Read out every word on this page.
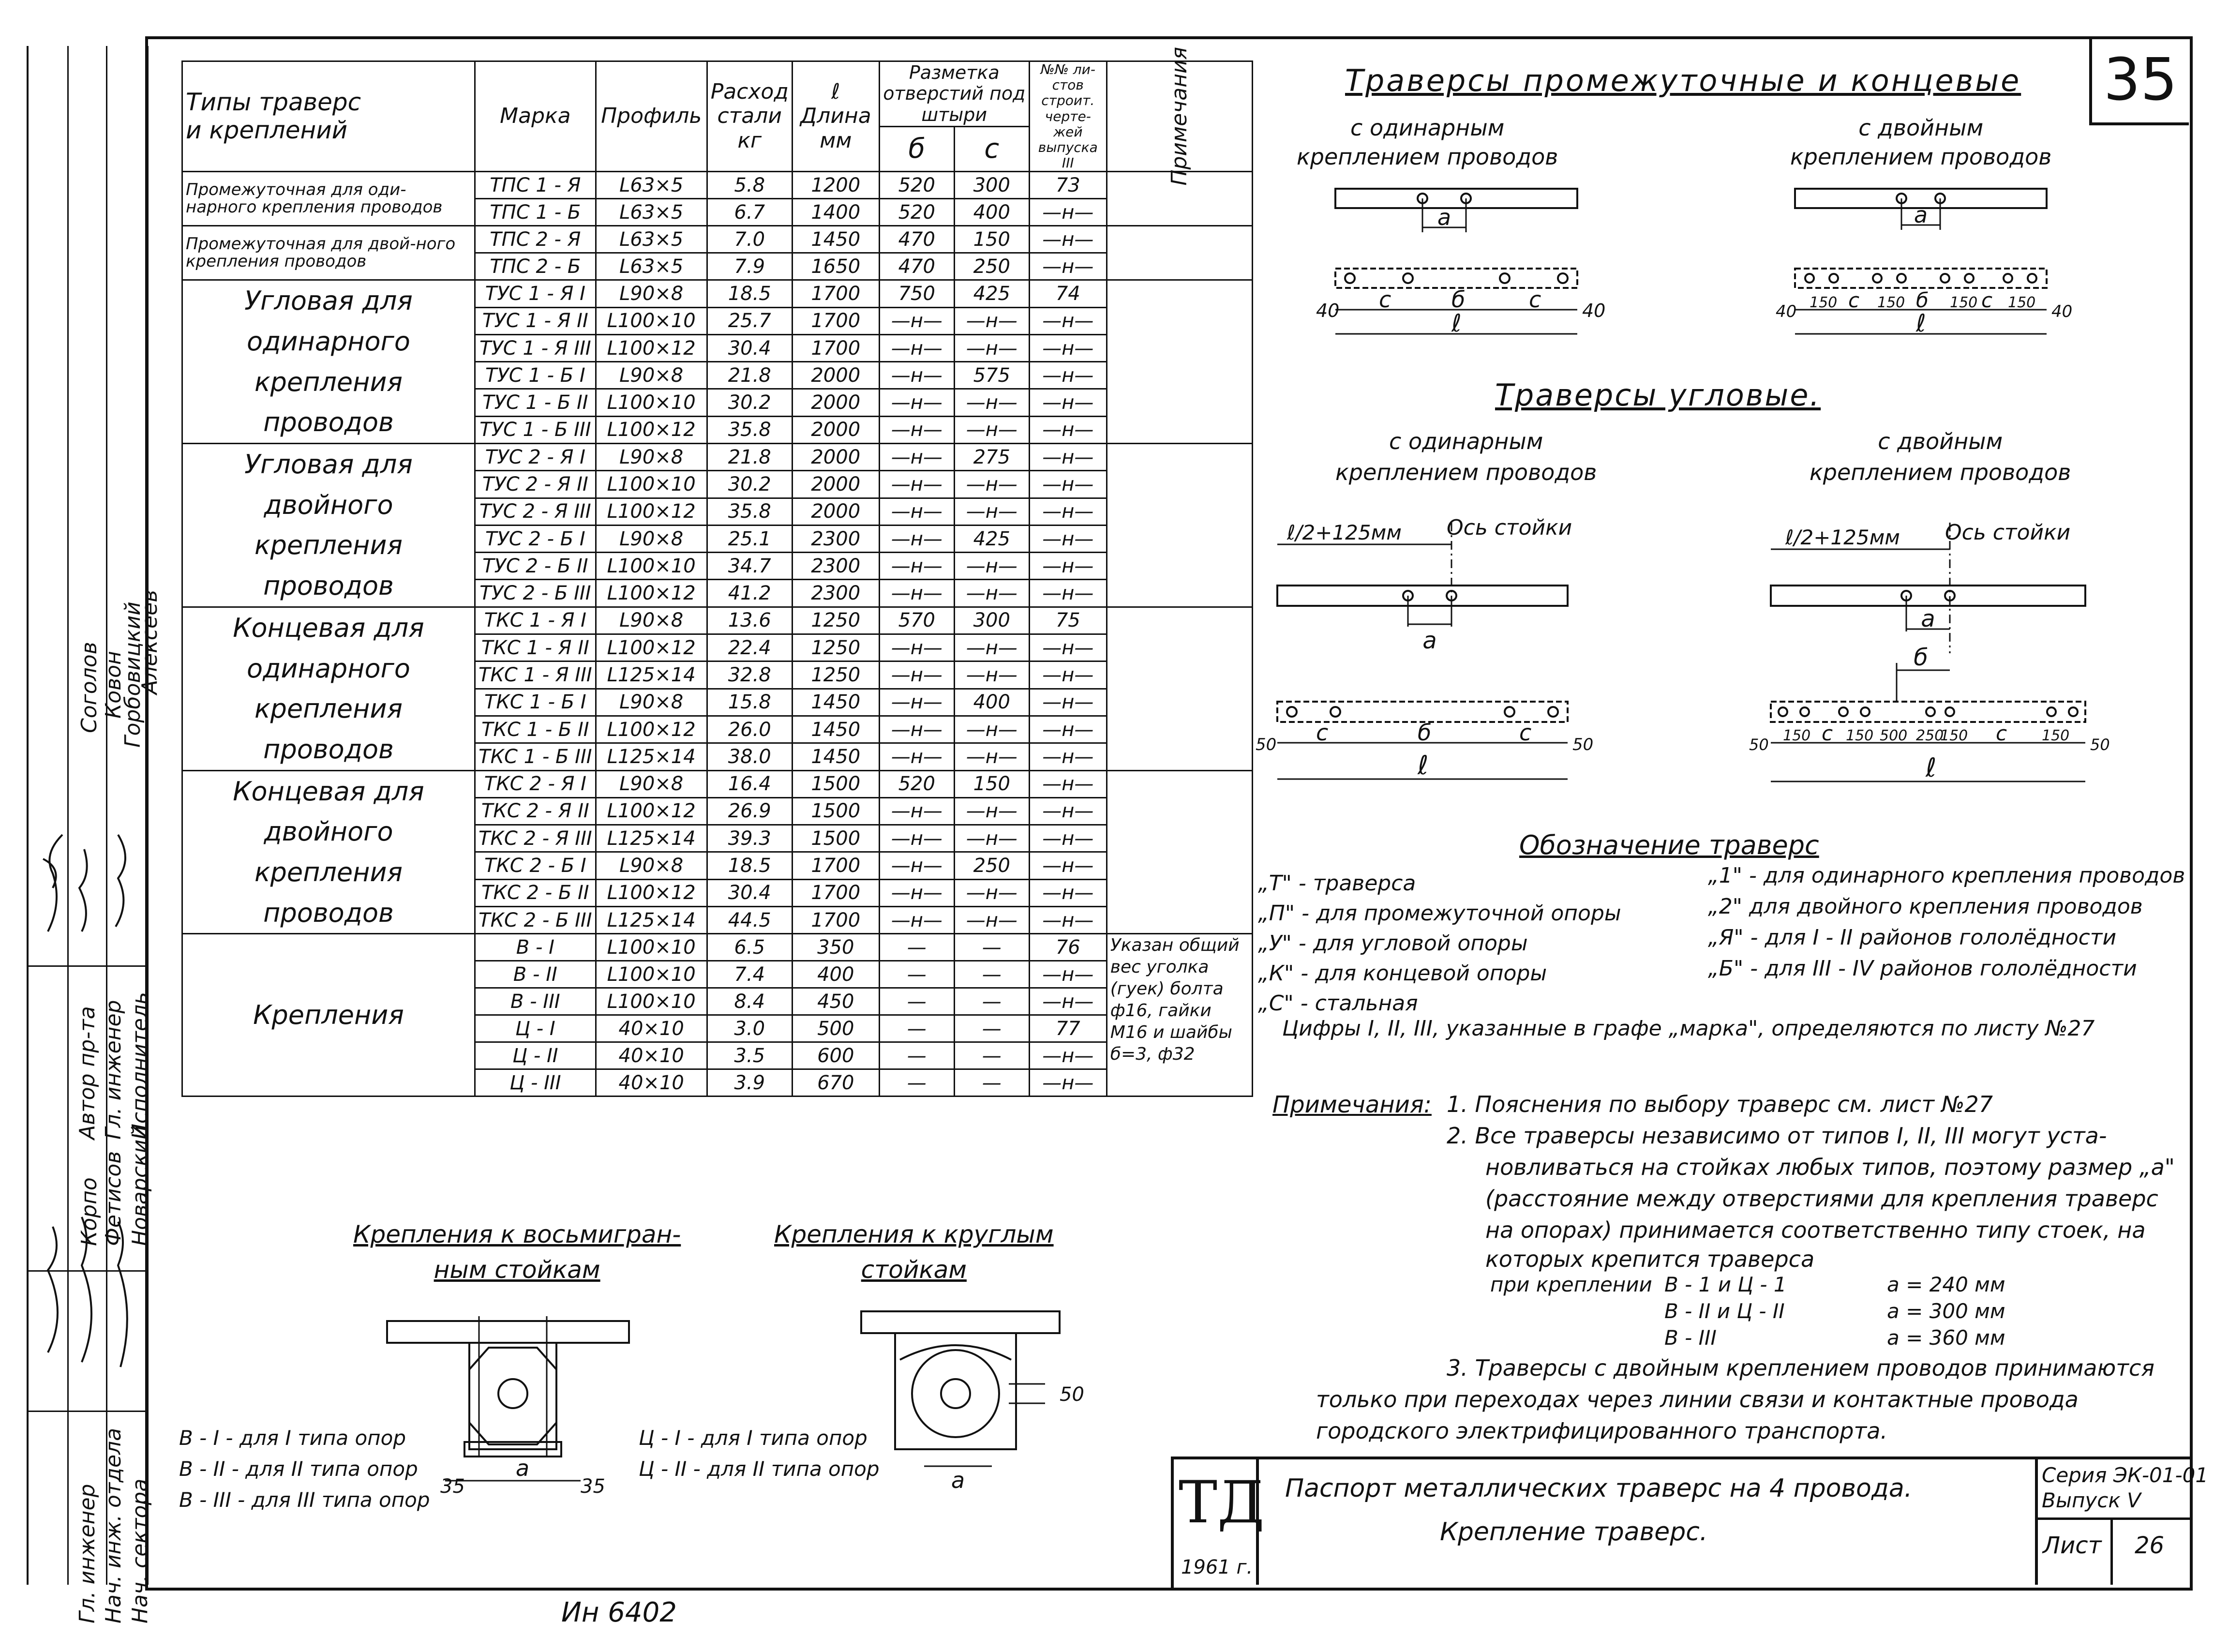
35
Автор пр-та Гл. инженер Исполнитель
Соголов Ковон
Горбовицкий
Алексеев
Корпо Фетисов Новарский
Гл. инженер Нач. инж. отдела Нач. сектора
Типы траверс
и креплений	Марка	Профиль	Расход стали кг	ℓ Длина мм	Разметка отверстий под штыри		№№ ли-стов строит. черте-жей выпуска III	Примечания

					б	с		
Промежуточная для оди-нарного крепления проводов	ТПС 1 - Я	L63×5	5.8	1200	520	300	73	
	ТПС 1 - Б	L63×5	6.7	1400	520	400	—н—	
Промежуточная для двой-ного крепления проводов	ТПС 2 - Я	L63×5	7.0	1450	470	150	—н—	
	ТПС 2 - Б	L63×5	7.9	1650	470	250	—н—	
Угловая для одинарного крепления проводов	ТУС 1 - Я I	L90×8	18.5	1700	750	425	74	
	ТУС 1 - Я II	L100×10	25.7	1700	—н—	—н—	—н—	
	ТУС 1 - Я III	L100×12	30.4	1700	—н—	—н—	—н—	
	ТУС 1 - Б I	L90×8	21.8	2000	—н—	575	—н—	
	ТУС 1 - Б II	L100×10	30.2	2000	—н—	—н—	—н—	
	ТУС 1 - Б III	L100×12	35.8	2000	—н—	—н—	—н—	
Угловая для двойного крепления проводов	ТУС 2 - Я I	L90×8	21.8	2000	—н—	275	—н—	
	ТУС 2 - Я II	L100×10	30.2	2000	—н—	—н—	—н—	
	ТУС 2 - Я III	L100×12	35.8	2000	—н—	—н—	—н—	
	ТУС 2 - Б I	L90×8	25.1	2300	—н—	425	—н—	
	ТУС 2 - Б II	L100×10	34.7	2300	—н—	—н—	—н—	
	ТУС 2 - Б III	L100×12	41.2	2300	—н—	—н—	—н—	
Концевая для одинарного крепления проводов	ТКС 1 - Я I	L90×8	13.6	1250	570	300	75	
	ТКС 1 - Я II	L100×12	22.4	1250	—н—	—н—	—н—	
	ТКС 1 - Я III	L125×14	32.8	1250	—н—	—н—	—н—	
	ТКС 1 - Б I	L90×8	15.8	1450	—н—	400	—н—	
	ТКС 1 - Б II	L100×12	26.0	1450	—н—	—н—	—н—	
	ТКС 1 - Б III	L125×14	38.0	1450	—н—	—н—	—н—	
Концевая для двойного крепления проводов	ТКС 2 - Я I	L90×8	16.4	1500	520	150	—н—	
	ТКС 2 - Я II	L100×12	26.9	1500	—н—	—н—	—н—	
	ТКС 2 - Я III	L125×14	39.3	1500	—н—	—н—	—н—	
	ТКС 2 - Б I	L90×8	18.5	1700	—н—	250	—н—	
	ТКС 2 - Б II	L100×12	30.4	1700	—н—	—н—	—н—	
	ТКС 2 - Б III	L125×14	44.5	1700	—н—	—н—	—н—	
Крепления	В - I	L100×10	6.5	350	—	—	76	Указан общий вес уголка (гуек) болта ф16, гайки М16 и шайбы б=3, ф32
	В - II	L100×10	7.4	400	—	—	—н—	
	В - III	L100×10	8.4	450	—	—	—н—	
	Ц - I	40×10	3.0	500	—	—	77	
	Ц - II	40×10	3.5	600	—	—	—н—	
	Ц - III	40×10	3.9	670	—	—	—н—	
Траверсы промежуточные и концевые
с одинарным
креплением проводов
с двойным
креплением проводов
а
40 с	б	с 40
ℓ
а
40 150 с 150 б 150 с 150 40
ℓ
Траверсы угловые.
с одинарным
креплением проводов
с двойным
креплением проводов
ℓ/2+125мм Ось стойки
а
50 с	б	с 50
ℓ
ℓ/2+125мм Ось стойки
а
б
50 150 с 150 500 250
150 с 150 50
ℓ
Обозначение траверс
„Т" - траверса
„П" - для промежуточной опоры
„У" - для угловой опоры
„К" - для концевой опоры
„С" - стальная
„1" - для одинарного крепления проводов
„2" для двойного крепления проводов
„Я" - для I - II районов гололёдности
„Б" - для III - IV районов гололёдности
Цифры I, II, III, указанные в графе „марка", определяются по листу №27
Примечания: 1. Пояснения по выбору траверс см. лист №27
2. Все траверсы независимо от типов I, II, III могут уста-
новливаться на стойках любых типов, поэтому размер „а"
(расстояние между отверстиями для крепления траверс
на опорах) принимается соответственно типу стоек, на
которых крепится траверса
при креплении В - 1 и Ц - 1	а = 240 мм
В - II и Ц - II	а = 300 мм
В - III	а = 360 мм
3. Траверсы с двойным креплением проводов принимаются
только при переходах через линии связи и контактные провода
городского электрифицированного транспорта.
Крепления к восьмигран-
ным стойкам
Крепления к круглым
стойкам
а
35	35
50
а
В - I - для I типа опор
В - II - для II типа опор
В - III - для III типа опор
Ц - I - для I типа опор
Ц - II - для II типа опор
ТД
1961 г.
Паспорт металлических траверс на 4 провода.
Крепление траверс.
Серия ЭК-01-01
Выпуск V
Лист 26
Ин 6402
